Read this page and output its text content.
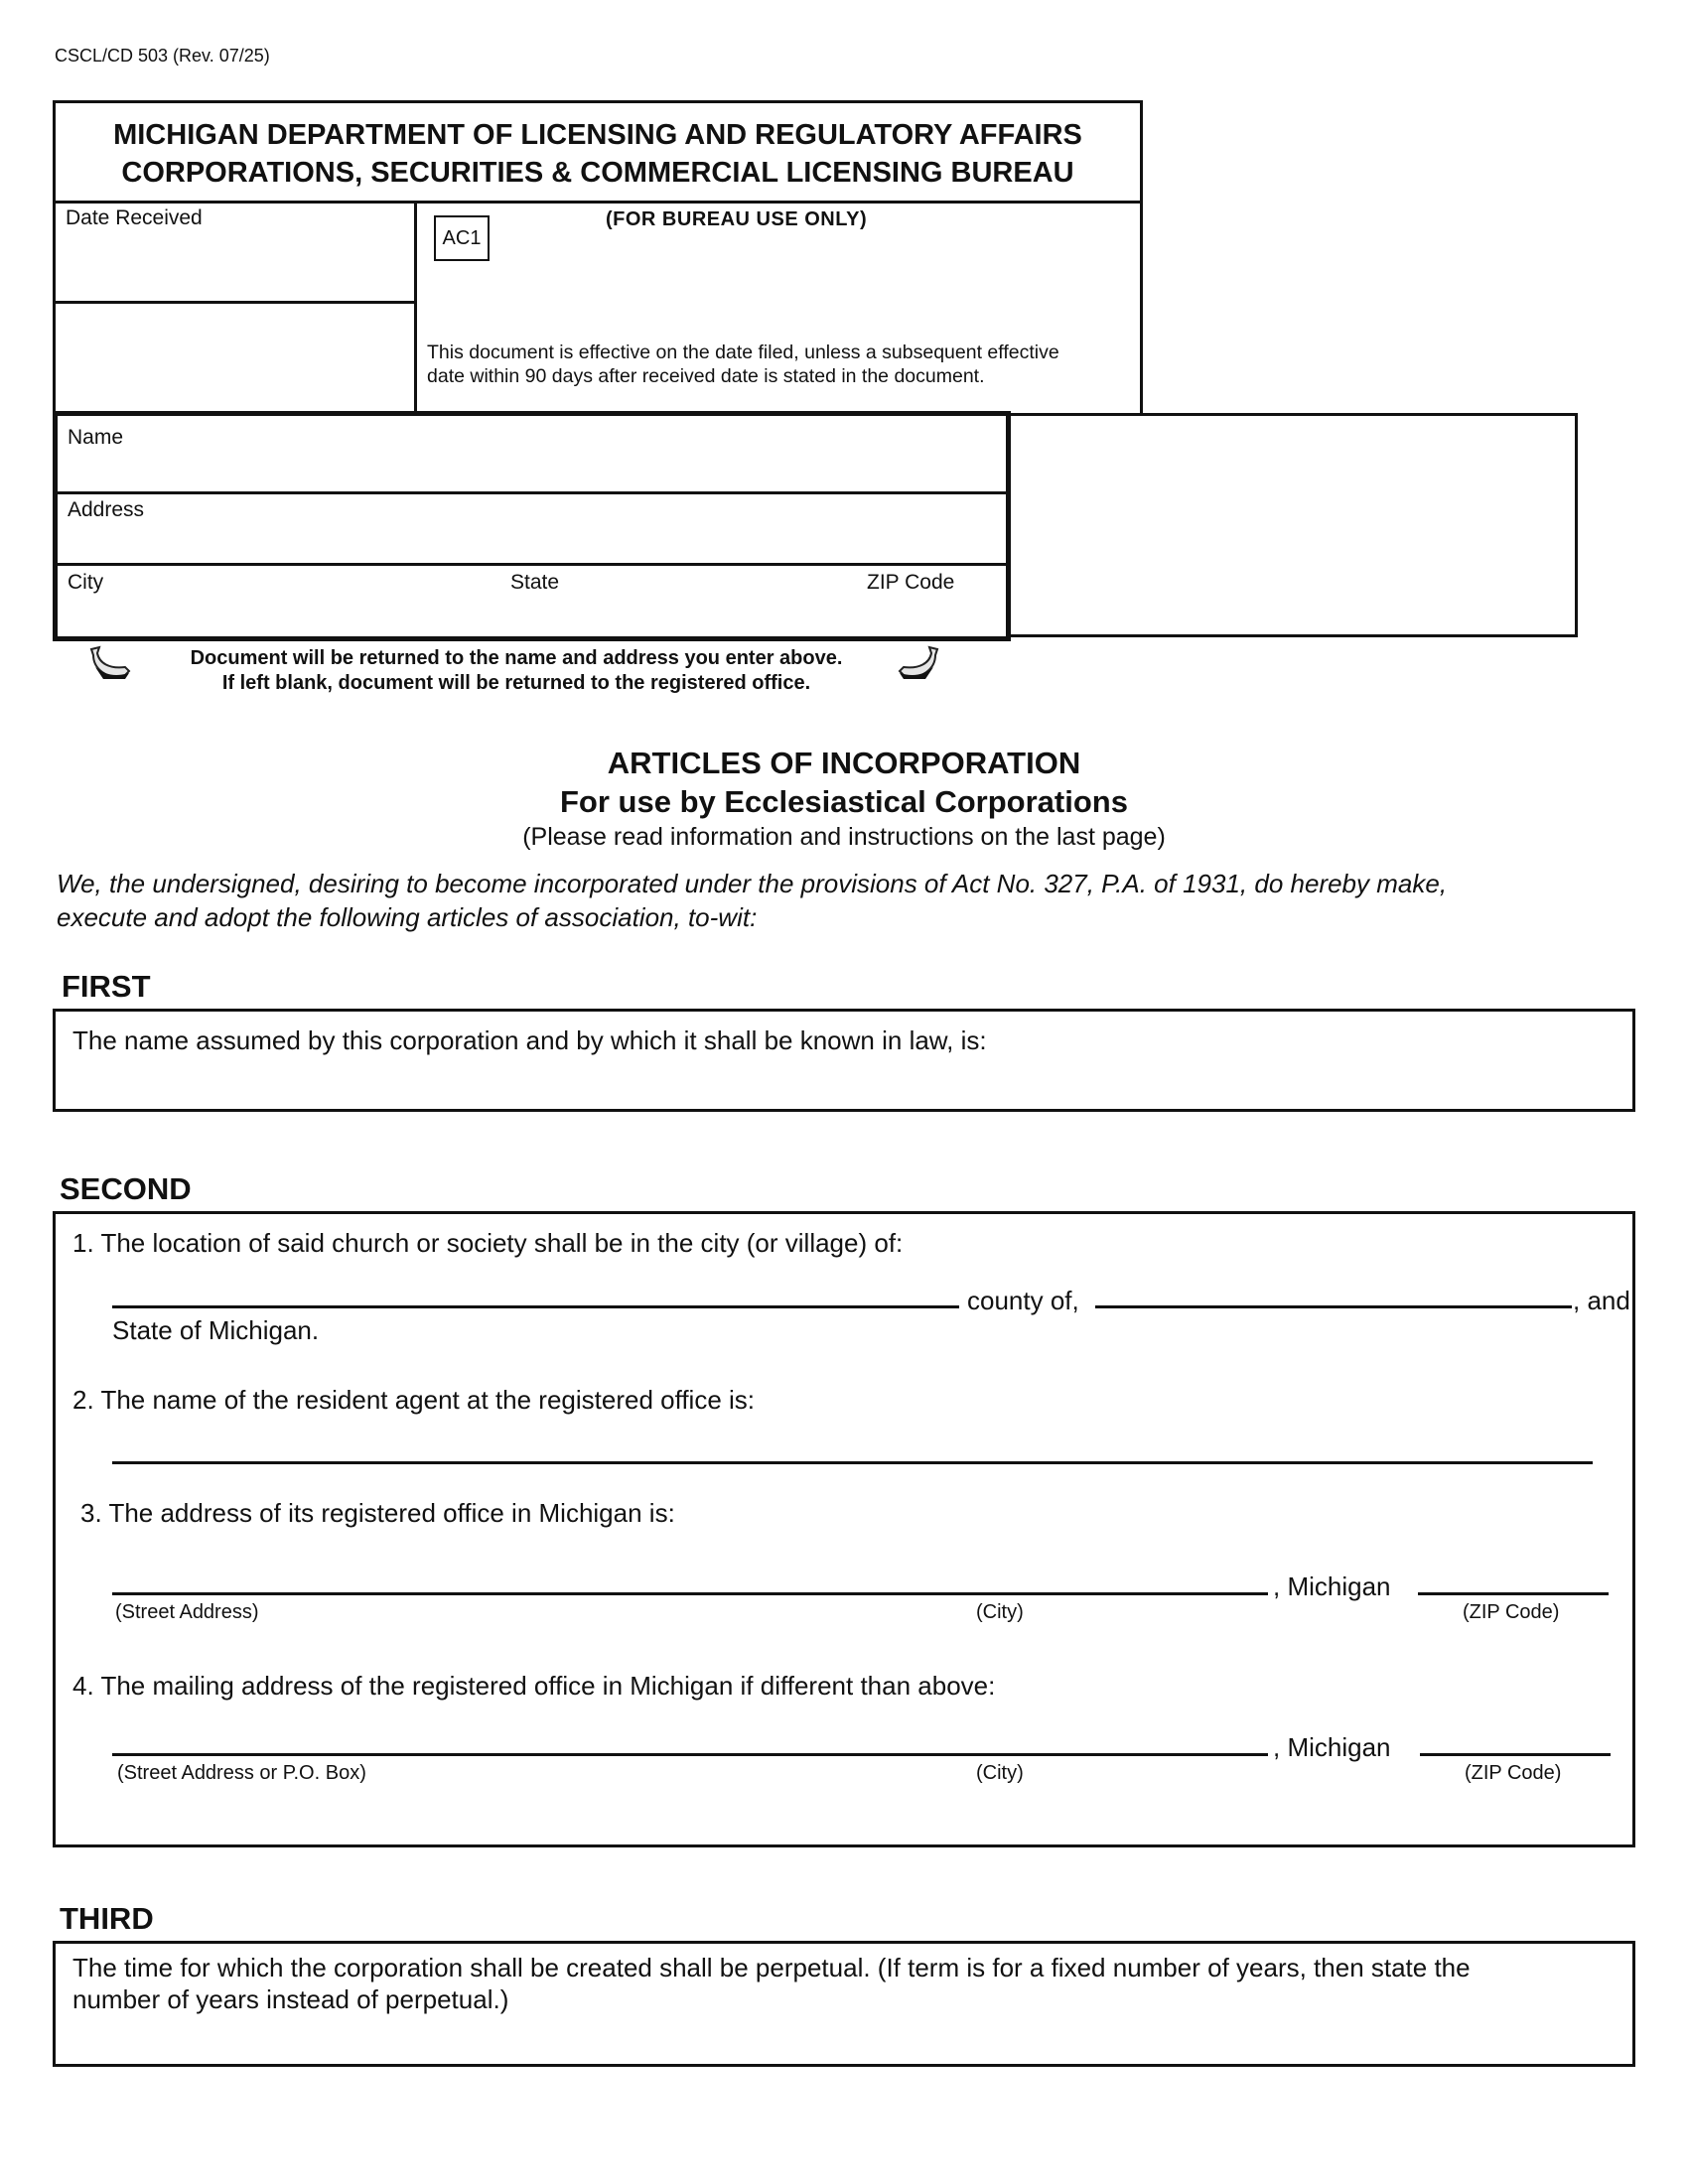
CSCL/CD 503 (Rev. 07/25)
MICHIGAN DEPARTMENT OF LICENSING AND REGULATORY AFFAIRS
CORPORATIONS, SECURITIES & COMMERCIAL LICENSING BUREAU
Date Received
AC1
(FOR BUREAU USE ONLY)
This document is effective on the date filed, unless a subsequent effective
date within 90 days after received date is stated in the document.
Name
Address
City	State	ZIP Code
Document will be returned to the name and address you enter above.
If left blank, document will be returned to the registered office.
ARTICLES OF INCORPORATION
For use by Ecclesiastical Corporations
(Please read information and instructions on the last page)
We, the undersigned, desiring to become incorporated under the provisions of Act No. 327, P.A. of 1931, do hereby make,
execute and adopt the following articles of association, to-wit:
FIRST
The name assumed by this corporation and by which it shall be known in law, is:
SECOND
1. The location of said church or society shall be in the city (or village) of:
county of,	, and
State of Michigan.
2. The name of the resident agent at the registered office is:
3. The address of its registered office in Michigan is:
, Michigan
(Street Address)	(City)	(ZIP Code)
4. The mailing address of the registered office in Michigan if different than above:
, Michigan
(Street Address or P.O. Box)	(City)	(ZIP Code)
THIRD
The time for which the corporation shall be created shall be perpetual. (If term is for a fixed number of years, then state the
number of years instead of perpetual.)
